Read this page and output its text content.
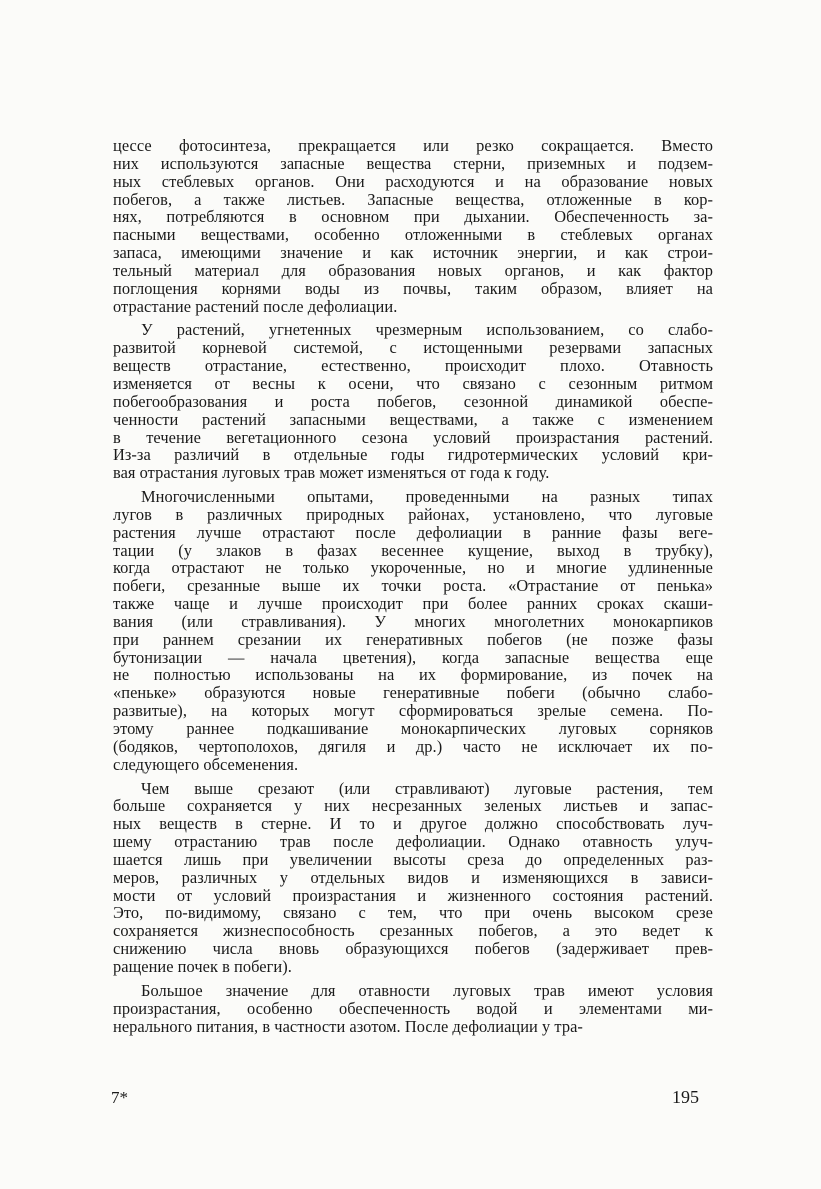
цессе фотосинтеза, прекращается или резко сокращается. Вместо
них используются запасные вещества стерни, приземных и подзем-
ных стеблевых органов. Они расходуются и на образование новых
побегов, а также листьев. Запасные вещества, отложенные в кор-
нях, потребляются в основном при дыхании. Обеспеченность за-
пасными веществами, особенно отложенными в стеблевых органах
запаса, имеющими значение и как источник энергии, и как строи-
тельный материал для образования новых органов, и как фактор
поглощения корнями воды из почвы, таким образом, влияет на
отрастание растений после дефолиации.
У растений, угнетенных чрезмерным использованием, со слабо-
развитой корневой системой, с истощенными резервами запасных
веществ отрастание, естественно, происходит плохо. Отавность
изменяется от весны к осени, что связано с сезонным ритмом
побегообразования и роста побегов, сезонной динамикой обеспе-
ченности растений запасными веществами, а также с изменением
в течение вегетационного сезона условий произрастания растений.
Из-за различий в отдельные годы гидротермических условий кри-
вая отрастания луговых трав может изменяться от года к году.
Многочисленными опытами, проведенными на разных типах
лугов в различных природных районах, установлено, что луговые
растения лучше отрастают после дефолиации в ранние фазы веге-
тации (у злаков в фазах весеннее кущение, выход в трубку),
когда отрастают не только укороченные, но и многие удлиненные
побеги, срезанные выше их точки роста. «Отрастание от пенька»
также чаще и лучше происходит при более ранних сроках скаши-
вания (или стравливания). У многих многолетних монокарпиков
при раннем срезании их генеративных побегов (не позже фазы
бутонизации — начала цветения), когда запасные вещества еще
не полностью использованы на их формирование, из почек на
«пеньке» образуются новые генеративные побеги (обычно слабо-
развитые), на которых могут сформироваться зрелые семена. По-
этому раннее подкашивание монокарпических луговых сорняков
(бодяков, чертополохов, дягиля и др.) часто не исключает их по-
следующего обсеменения.
Чем выше срезают (или стравливают) луговые растения, тем
больше сохраняется у них несрезанных зеленых листьев и запас-
ных веществ в стерне. И то и другое должно способствовать луч-
шему отрастанию трав после дефолиации. Однако отавность улуч-
шается лишь при увеличении высоты среза до определенных раз-
меров, различных у отдельных видов и изменяющихся в зависи-
мости от условий произрастания и жизненного состояния растений.
Это, по-видимому, связано с тем, что при очень высоком срезе
сохраняется жизнеспособность срезанных побегов, а это ведет к
снижению числа вновь образующихся побегов (задерживает прев-
ращение почек в побеги).
Большое значение для отавности луговых трав имеют условия
произрастания, особенно обеспеченность водой и элементами ми-
нерального питания, в частности азотом. После дефолиации у тра-
7*	195
